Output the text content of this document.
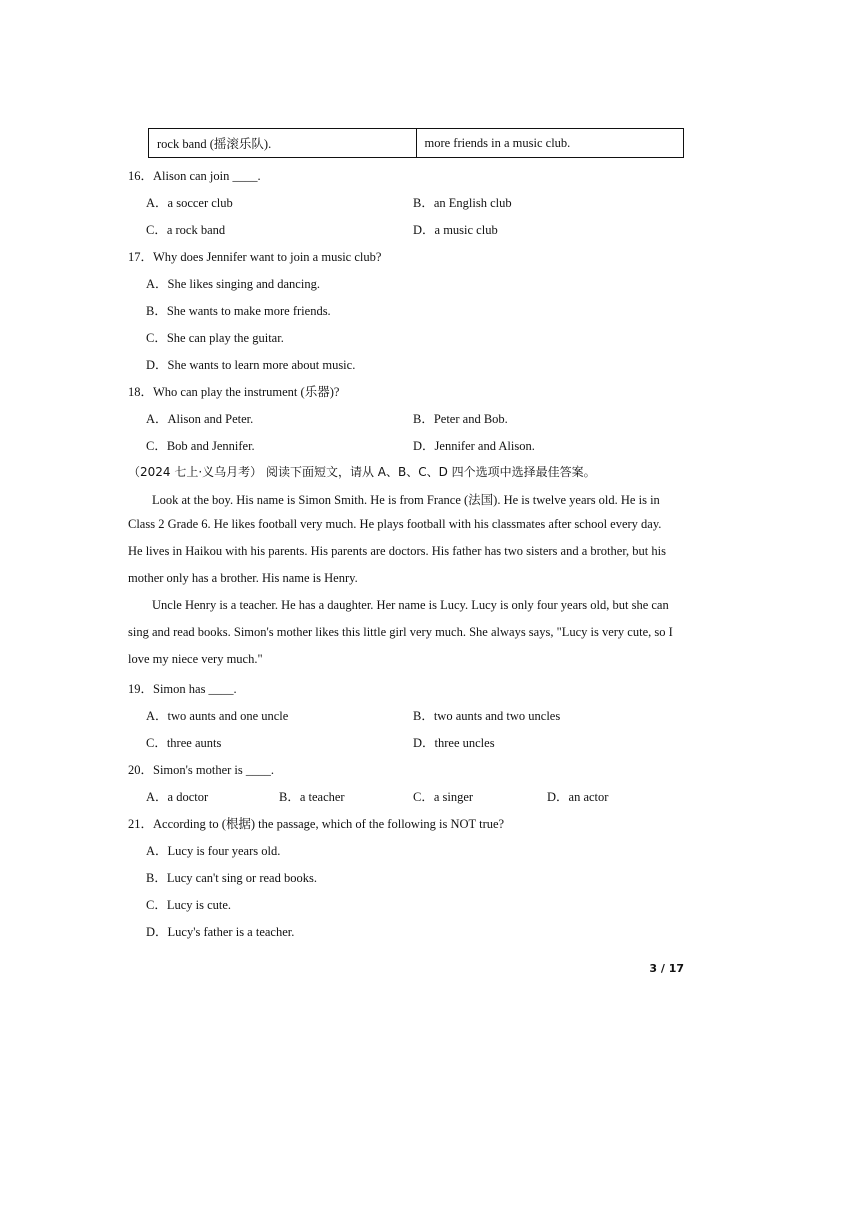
rock band (摇滚乐队).	more friends in a music club.
16．Alison can join ____.
A．a soccer club	B．an English club
C．a rock band	D．a music club
17．Why does Jennifer want to join a music club?
A．She likes singing and dancing.
B．She wants to make more friends.
C．She can play the guitar.
D．She wants to learn more about music.
18．Who can play the instrument (乐器)?
A．Alison and Peter.	B．Peter and Bob.
C．Bob and Jennifer.	D．Jennifer and Alison.
（2024 七上·义乌月考） 阅读下面短文，请从 A、B、C、D 四个选项中选择最佳答案。
Look at the boy. His name is Simon Smith. He is from France (法国). He is twelve years old. He is in
Class 2 Grade 6. He likes football very much. He plays football with his classmates after school every day.
He lives in Haikou with his parents. His parents are doctors. His father has two sisters and a brother, but his
mother only has a brother. His name is Henry.
Uncle Henry is a teacher. He has a daughter. Her name is Lucy. Lucy is only four years old, but she can
sing and read books. Simon's mother likes this little girl very much. She always says, "Lucy is very cute, so I
love my niece very much."
19．Simon has ____.
A．two aunts and one uncle	B．two aunts and two uncles
C．three aunts	D．three uncles
20．Simon's mother is ____.
A．a doctor	B．a teacher	C．a singer	D．an actor
21．According to (根据) the passage, which of the following is NOT true?
A．Lucy is four years old.
B．Lucy can't sing or read books.
C．Lucy is cute.
D．Lucy's father is a teacher.
3 / 17
